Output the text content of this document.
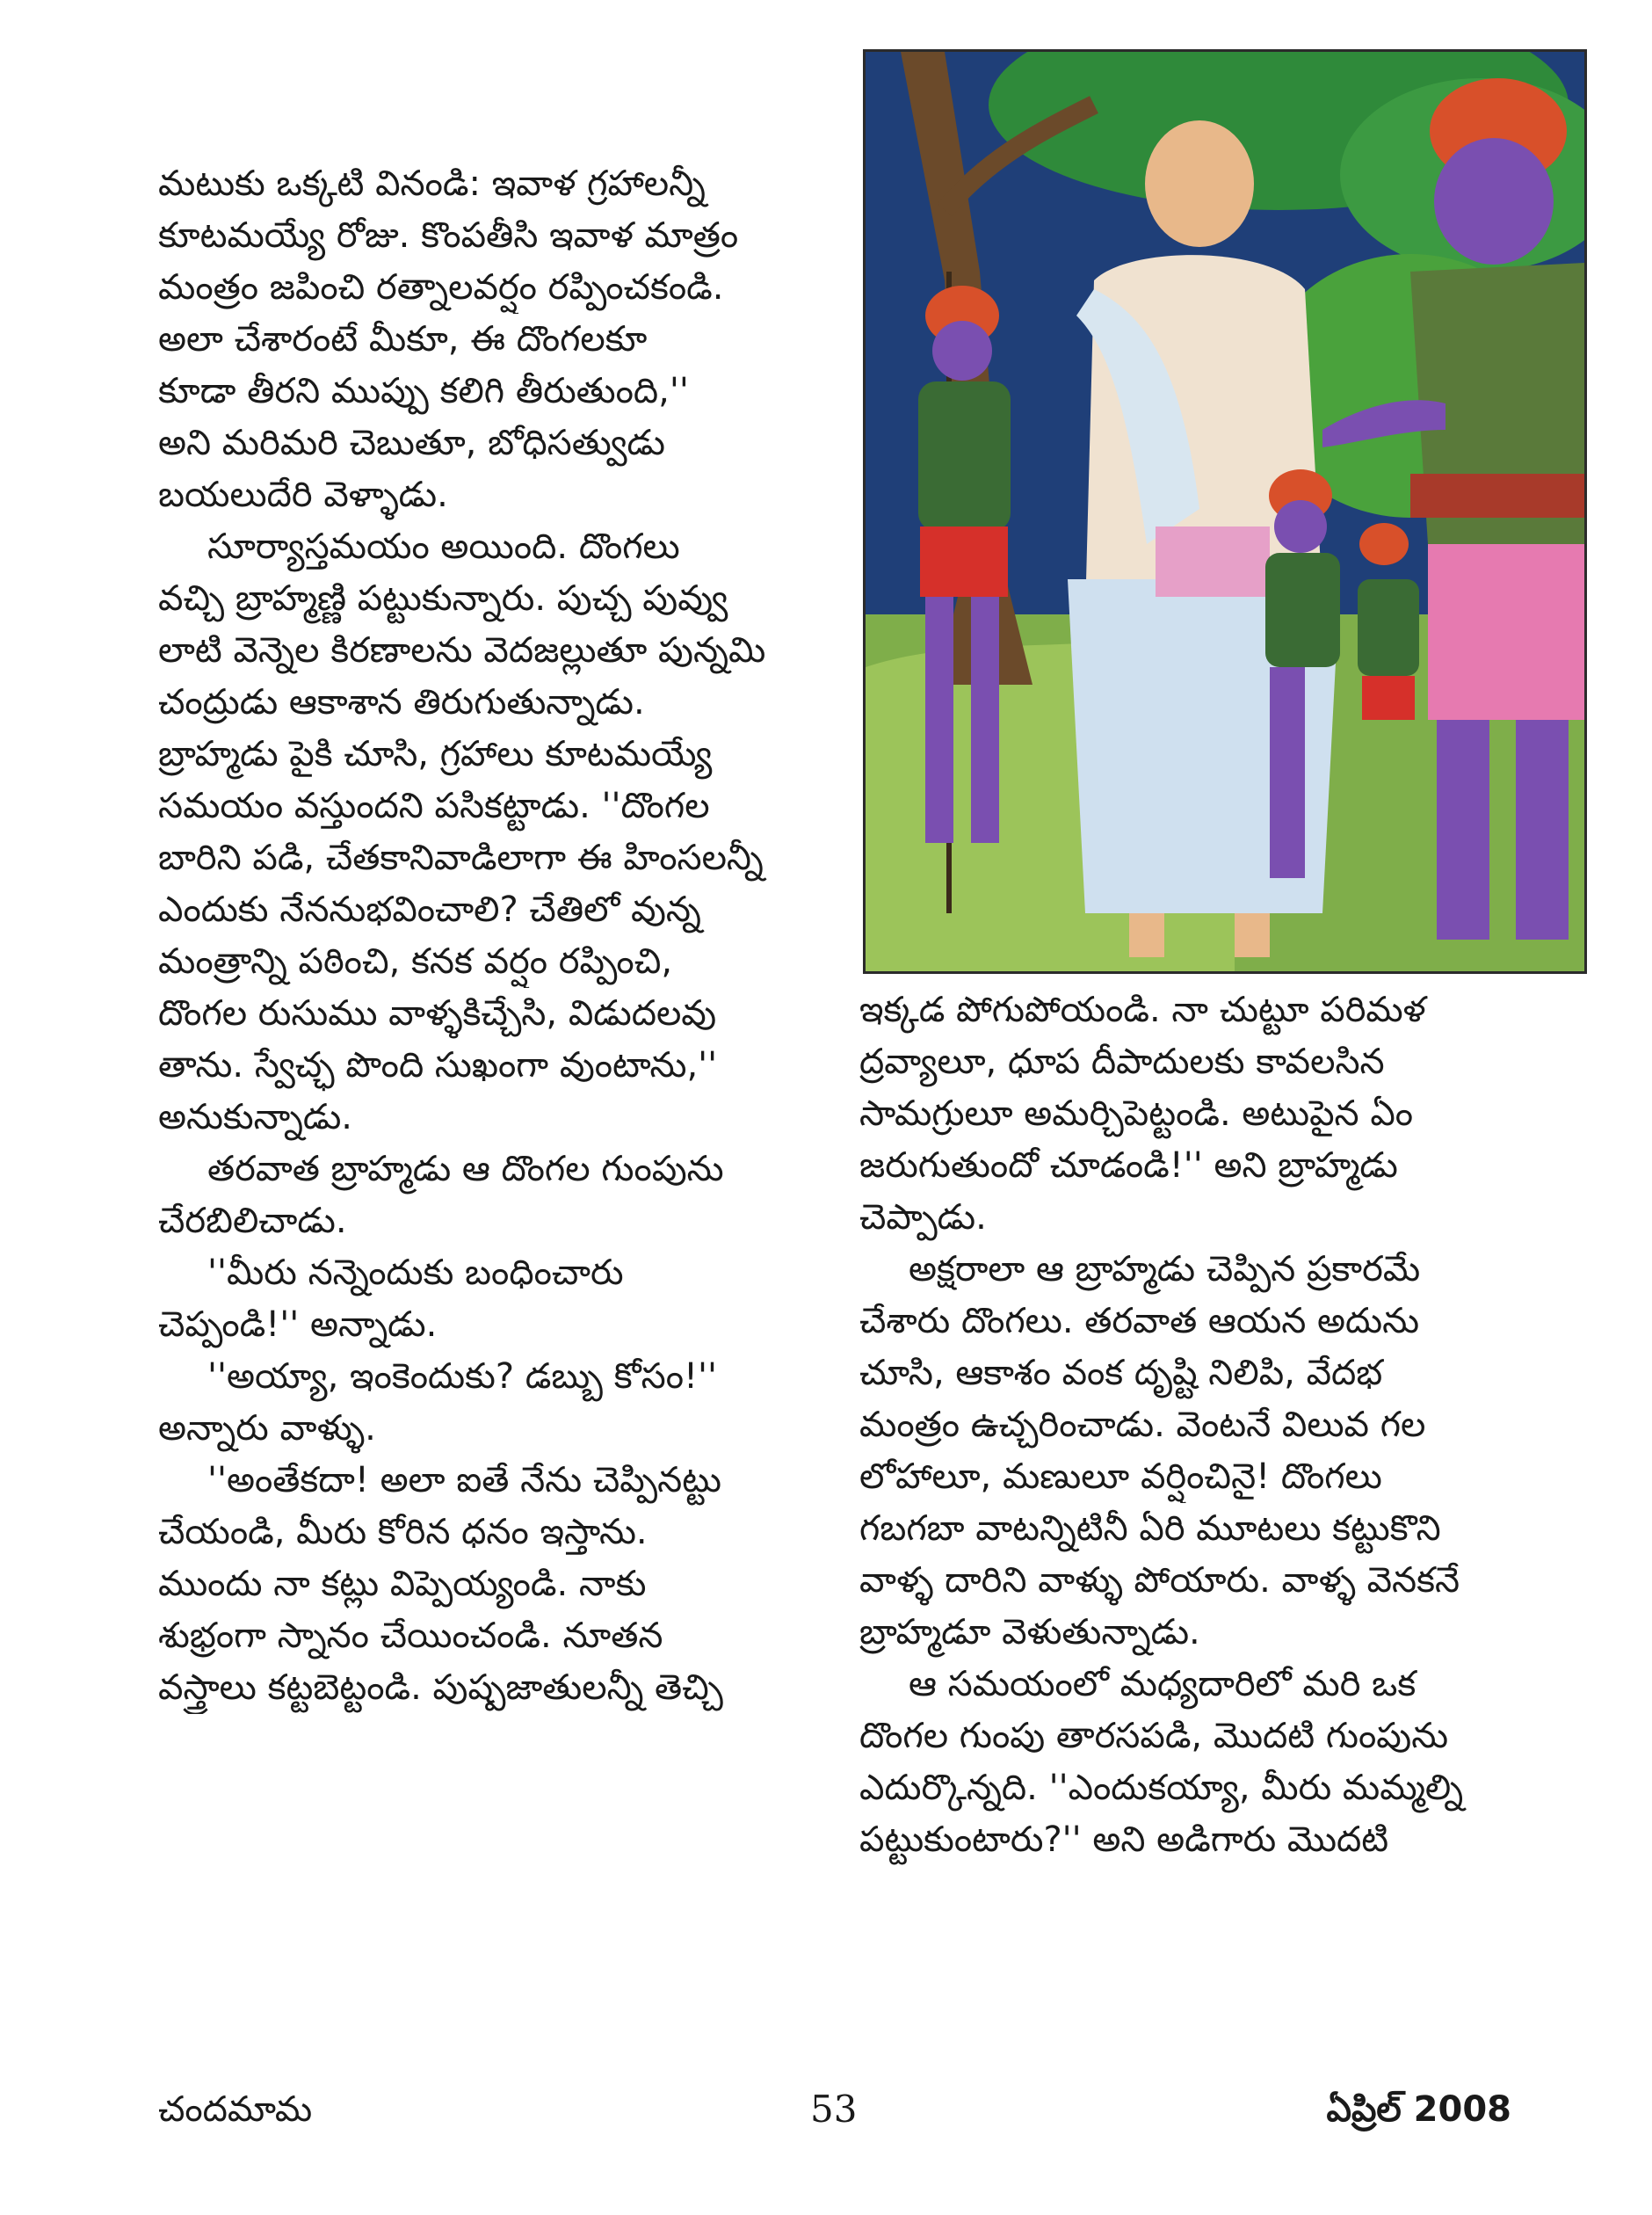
మటుకు ఒక్కటి వినండి: ఇవాళ గ్రహాలన్నీ
కూటమయ్యే రోజు. కొంపతీసి ఇవాళ మాత్రం
మంత్రం జపించి రత్నాలవర్షం రప్పించకండి.
అలా చేశారంటే మీకూ, ఈ దొంగలకూ
కూడా తీరని ముప్పు కలిగి తీరుతుంది,''
అని మరిమరి చెబుతూ, బోధిసత్వుడు
బయలుదేరి వెళ్ళాడు.
సూర్యాస్తమయం అయింది. దొంగలు
వచ్చి బ్రాహ్మణ్ణి పట్టుకున్నారు. పుచ్చ పువ్వు
లాటి వెన్నెల కిరణాలను వెదజల్లుతూ పున్నమి
చంద్రుడు ఆకాశాన తిరుగుతున్నాడు.
బ్రాహ్మడు పైకి చూసి, గ్రహాలు కూటమయ్యే
సమయం వస్తుందని పసికట్టాడు. ''దొంగల
బారిని పడి, చేతకానివాడిలాగా ఈ హింసలన్నీ
ఎందుకు నేననుభవించాలి? చేతిలో వున్న
మంత్రాన్ని పఠించి, కనక వర్షం రప్పించి,
దొంగల రుసుము వాళ్ళకిచ్చేసి, విడుదలవు
తాను. స్వేచ్ఛ పొంది సుఖంగా వుంటాను,''
అనుకున్నాడు.
తరవాత బ్రాహ్మడు ఆ దొంగల గుంపును
చేరబిలిచాడు.
''మీరు నన్నెందుకు బంధించారు
చెప్పండి!'' అన్నాడు.
''అయ్యా, ఇంకెందుకు? డబ్బు కోసం!''
అన్నారు వాళ్ళు.
''అంతేకదా! అలా ఐతే నేను చెప్పినట్టు
చేయండి, మీరు కోరిన ధనం ఇస్తాను.
ముందు నా కట్లు విప్పెయ్యండి. నాకు
శుభ్రంగా స్నానం చేయించండి. నూతన
వస్త్రాలు కట్టబెట్టండి. పుష్పజాతులన్నీ తెచ్చి
ఇక్కడ పోగుపోయండి. నా చుట్టూ పరిమళ
ద్రవ్యాలూ, ధూప దీపాదులకు కావలసిన
సామగ్రులూ అమర్చిపెట్టండి. అటుపైన ఏం
జరుగుతుందో చూడండి!'' అని బ్రాహ్మడు
చెప్పాడు.
అక్షరాలా ఆ బ్రాహ్మడు చెప్పిన ప్రకారమే
చేశారు దొంగలు. తరవాత ఆయన అదును
చూసి, ఆకాశం వంక దృష్టి నిలిపి, వేదభ
మంత్రం ఉచ్చరించాడు. వెంటనే విలువ గల
లోహాలూ, మణులూ వర్షించినై! దొంగలు
గబగబా వాటన్నిటినీ ఏరి మూటలు కట్టుకొని
వాళ్ళ దారిని వాళ్ళు పోయారు. వాళ్ళ వెనకనే
బ్రాహ్మడూ వెళుతున్నాడు.
ఆ సమయంలో మధ్యదారిలో మరి ఒక
దొంగల గుంపు తారసపడి, మొదటి గుంపును
ఎదుర్కొన్నది. ''ఎందుకయ్యా, మీరు మమ్మల్ని
పట్టుకుంటారు?'' అని అడిగారు మొదటి
చందమామ	53	ఏప్రిల్ 2008
